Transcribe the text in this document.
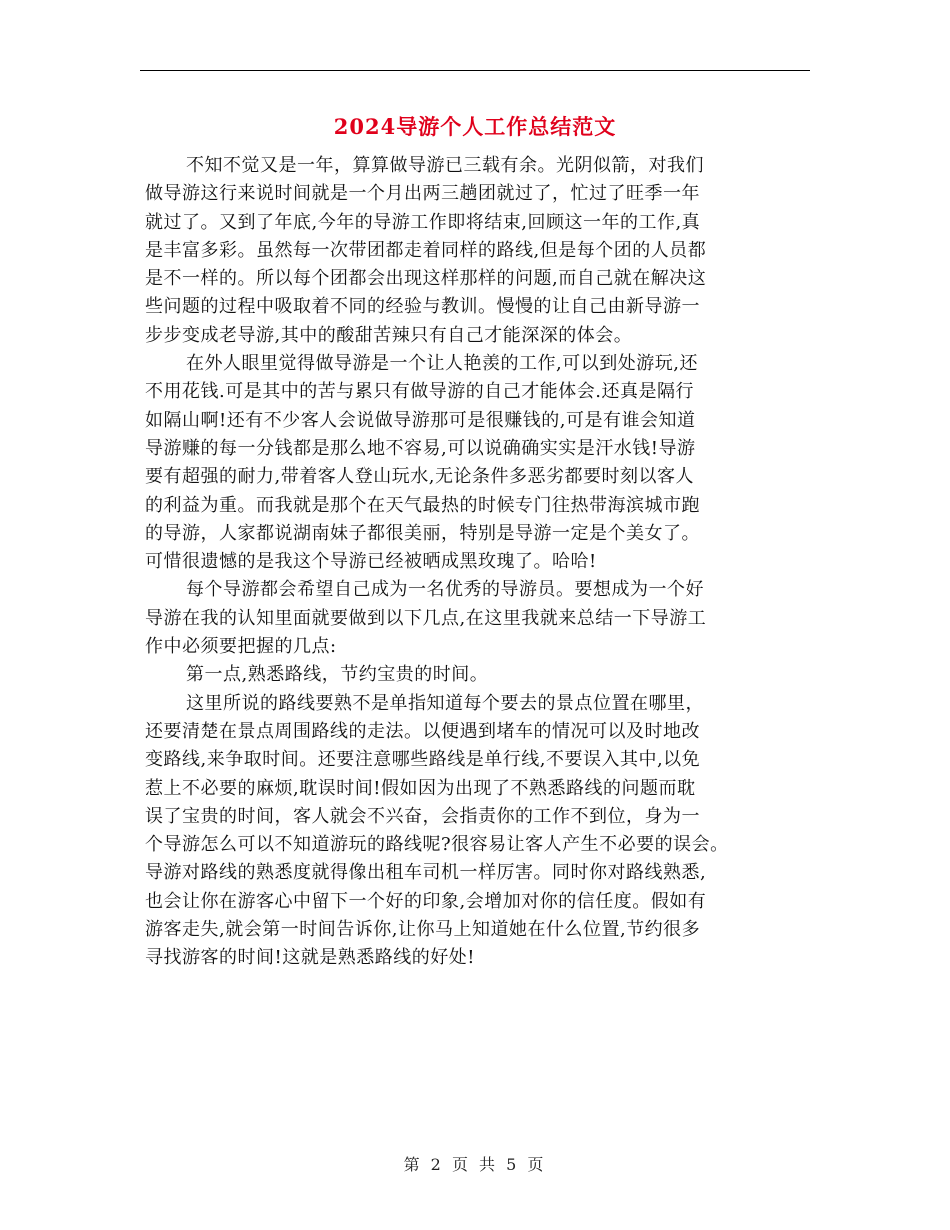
2024导游个人工作总结范文
不知不觉又是一年，算算做导游已三载有余。光阴似箭，对我们
做导游这行来说时间就是一个月出两三趟团就过了，忙过了旺季一年
就过了。又到了年底,今年的导游工作即将结束,回顾这一年的工作,真
是丰富多彩。虽然每一次带团都走着同样的路线,但是每个团的人员都
是不一样的。所以每个团都会出现这样那样的问题,而自己就在解决这
些问题的过程中吸取着不同的经验与教训。慢慢的让自己由新导游一
步步变成老导游,其中的酸甜苦辣只有自己才能深深的体会。
在外人眼里觉得做导游是一个让人艳羡的工作,可以到处游玩,还
不用花钱.可是其中的苦与累只有做导游的自己才能体会.还真是隔行
如隔山啊!还有不少客人会说做导游那可是很赚钱的,可是有谁会知道
导游赚的每一分钱都是那么地不容易,可以说确确实实是汗水钱!导游
要有超强的耐力,带着客人登山玩水,无论条件多恶劣都要时刻以客人
的利益为重。而我就是那个在天气最热的时候专门往热带海滨城市跑
的导游，人家都说湖南妹子都很美丽，特别是导游一定是个美女了。
可惜很遗憾的是我这个导游已经被晒成黑玫瑰了。哈哈!
每个导游都会希望自己成为一名优秀的导游员。要想成为一个好
导游在我的认知里面就要做到以下几点,在这里我就来总结一下导游工
作中必须要把握的几点:
第一点,熟悉路线，节约宝贵的时间。
这里所说的路线要熟不是单指知道每个要去的景点位置在哪里，
还要清楚在景点周围路线的走法。以便遇到堵车的情况可以及时地改
变路线,来争取时间。还要注意哪些路线是单行线,不要误入其中,以免
惹上不必要的麻烦,耽误时间!假如因为出现了不熟悉路线的问题而耽
误了宝贵的时间，客人就会不兴奋，会指责你的工作不到位，身为一
个导游怎么可以不知道游玩的路线呢?很容易让客人产生不必要的误会。
导游对路线的熟悉度就得像出租车司机一样厉害。同时你对路线熟悉,
也会让你在游客心中留下一个好的印象,会增加对你的信任度。假如有
游客走失,就会第一时间告诉你,让你马上知道她在什么位置,节约很多
寻找游客的时间!这就是熟悉路线的好处!
第 2 页 共 5 页
